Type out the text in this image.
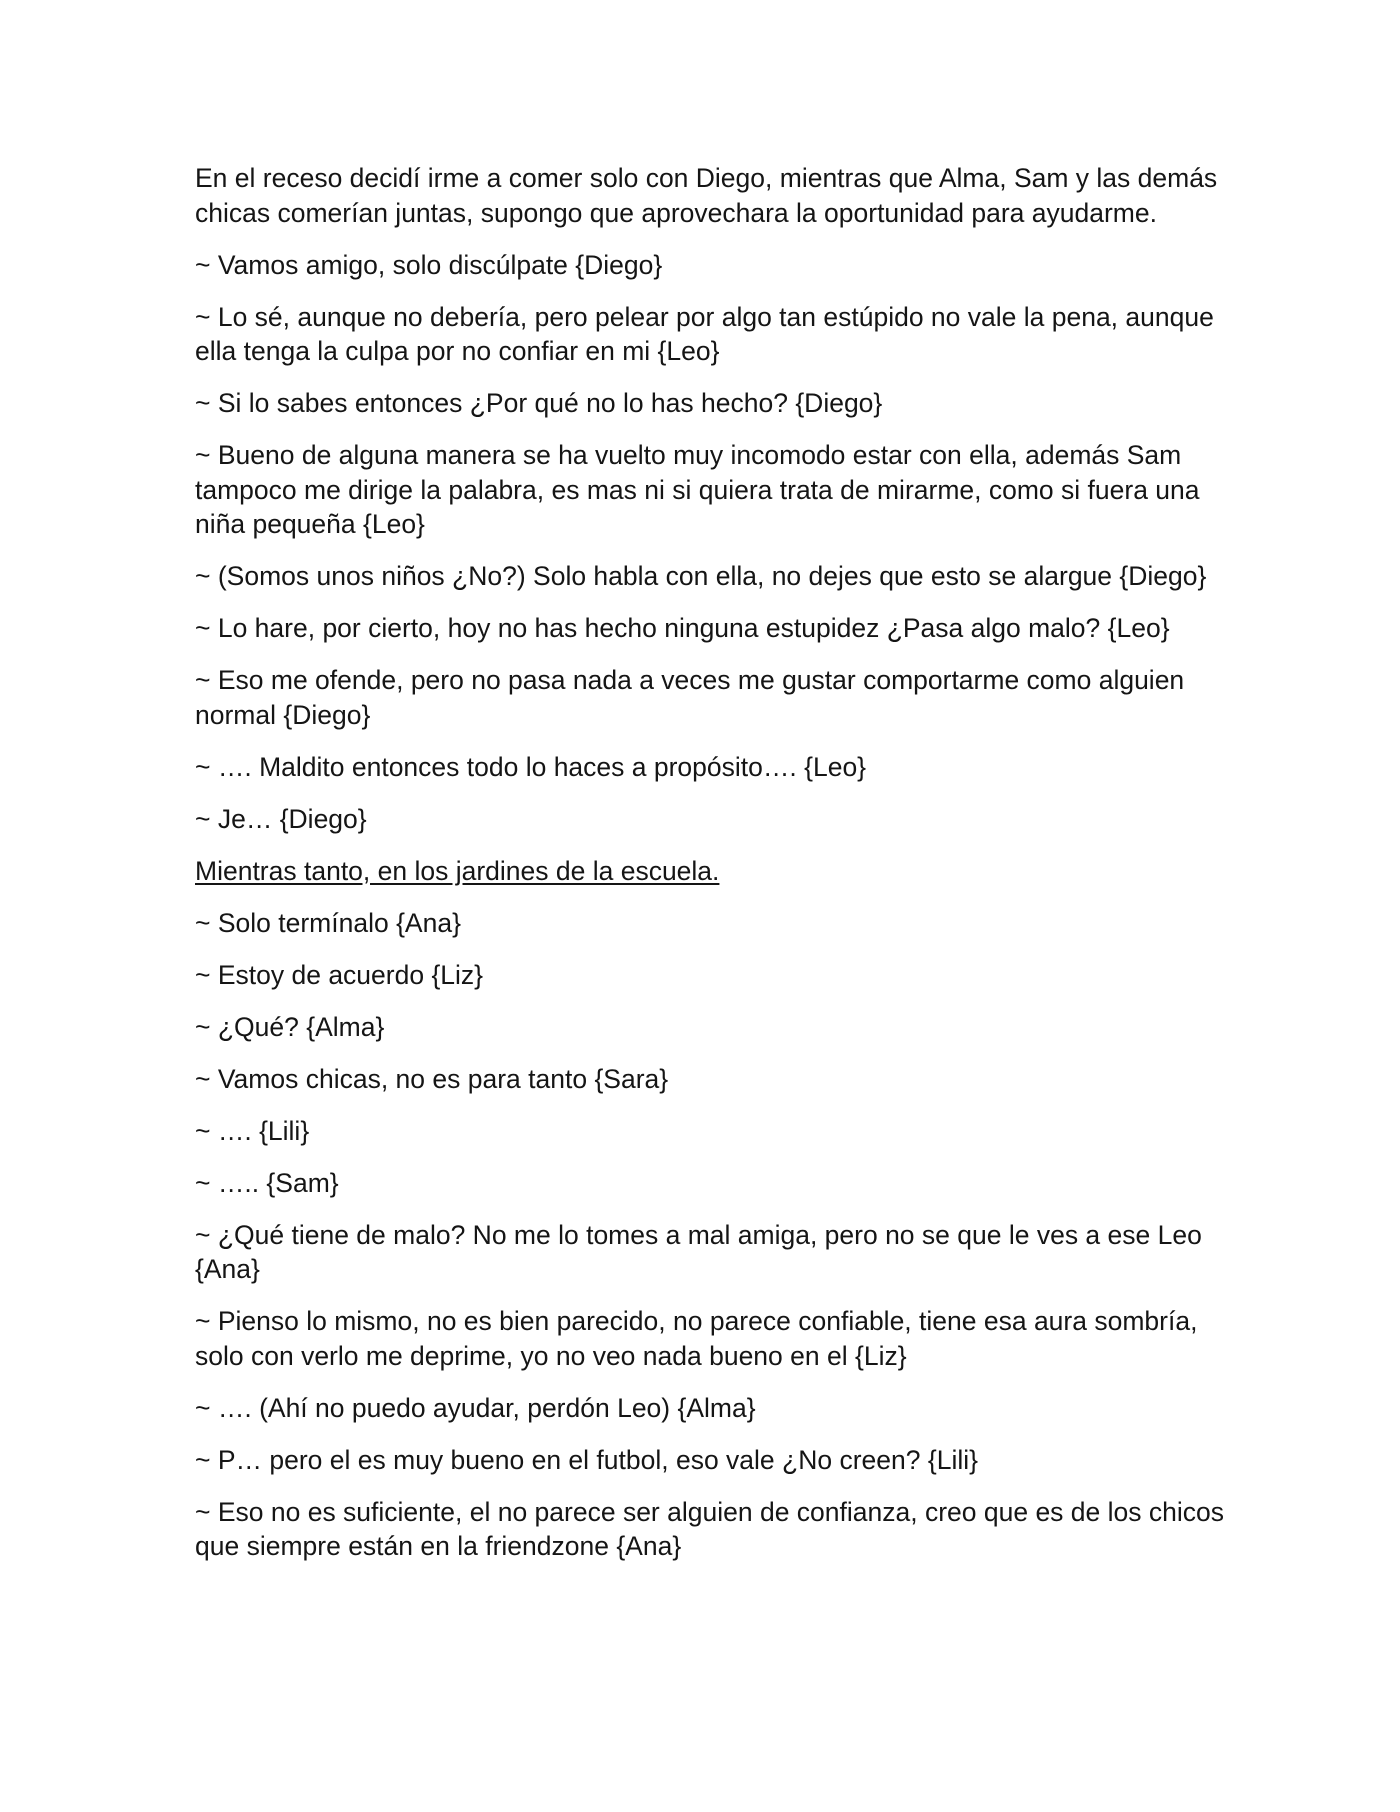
En el receso decidí irme a comer solo con Diego, mientras que Alma, Sam y las demás chicas comerían juntas, supongo que aprovechara la oportunidad para ayudarme.

~ Vamos amigo, solo discúlpate {Diego}

~ Lo sé, aunque no debería, pero pelear por algo tan estúpido no vale la pena, aunque ella tenga la culpa por no confiar en mi {Leo}

~ Si lo sabes entonces ¿Por qué no lo has hecho? {Diego}

~ Bueno de alguna manera se ha vuelto muy incomodo estar con ella, además Sam tampoco me dirige la palabra, es mas ni si quiera trata de mirarme, como si fuera una niña pequeña {Leo}

~ (Somos unos niños ¿No?) Solo habla con ella, no dejes que esto se alargue {Diego}

~ Lo hare, por cierto, hoy no has hecho ninguna estupidez ¿Pasa algo malo? {Leo}

~ Eso me ofende, pero no pasa nada a veces me gustar comportarme como alguien normal {Diego}

~ …. Maldito entonces todo lo haces a propósito…. {Leo}

~ Je… {Diego}

Mientras tanto, en los jardines de la escuela.

~ Solo termínalo {Ana}

~ Estoy de acuerdo {Liz}

~ ¿Qué? {Alma}

~ Vamos chicas, no es para tanto {Sara}

~ …. {Lili}

~ ….. {Sam}

~ ¿Qué tiene de malo? No me lo tomes a mal amiga, pero no se que le ves a ese Leo {Ana}

~ Pienso lo mismo, no es bien parecido, no parece confiable, tiene esa aura sombría, solo con verlo me deprime, yo no veo nada bueno en el {Liz}

~ …. (Ahí no puedo ayudar, perdón Leo) {Alma}

~ P… pero el es muy bueno en el futbol, eso vale ¿No creen? {Lili}

~ Eso no es suficiente, el no parece ser alguien de confianza, creo que es de los chicos que siempre están en la friendzone {Ana}
